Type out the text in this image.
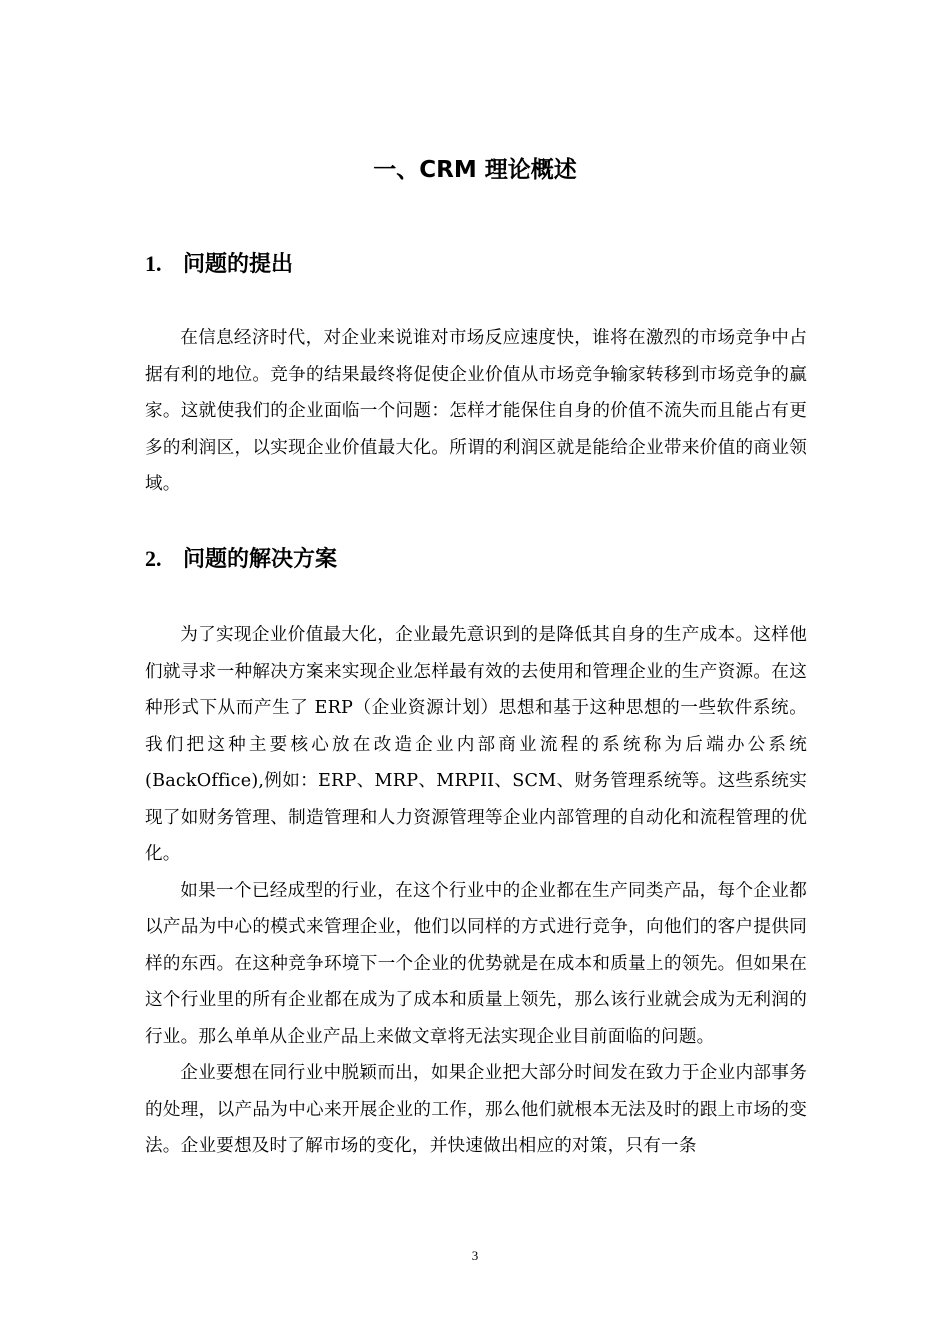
一、CRM 理论概述
1. 问题的提出

在信息经济时代，对企业来说谁对市场反应速度快，谁将在激烈的市场竞争中占据有利的地位。竞争的结果最终将促使企业价值从市场竞争输家转移到市场竞争的赢家。这就使我们的企业面临一个问题：怎样才能保住自身的价值不流失而且能占有更多的利润区，以实现企业价值最大化。所谓的利润区就是能给企业带来价值的商业领域。

2. 问题的解决方案

为了实现企业价值最大化，企业最先意识到的是降低其自身的生产成本。这样他们就寻求一种解决方案来实现企业怎样最有效的去使用和管理企业的生产资源。在这种形式下从而产生了 ERP（企业资源计划）思想和基于这种思想的一些软件系统。我们把这种主要核心放在改造企业内部商业流程的系统称为后端办公系统(BackOffice),例如：ERP、MRP、MRPII、SCM、财务管理系统等。这些系统实现了如财务管理、制造管理和人力资源管理等企业内部管理的自动化和流程管理的优化。

如果一个已经成型的行业，在这个行业中的企业都在生产同类产品，每个企业都以产品为中心的模式来管理企业，他们以同样的方式进行竞争，向他们的客户提供同样的东西。在这种竞争环境下一个企业的优势就是在成本和质量上的领先。但如果在这个行业里的所有企业都在成为了成本和质量上领先，那么该行业就会成为无利润的行业。那么单单从企业产品上来做文章将无法实现企业目前面临的问题。

企业要想在同行业中脱颖而出，如果企业把大部分时间发在致力于企业内部事务的处理，以产品为中心来开展企业的工作，那么他们就根本无法及时的跟上市场的变法。企业要想及时了解市场的变化，并快速做出相应的对策，只有一条

3
